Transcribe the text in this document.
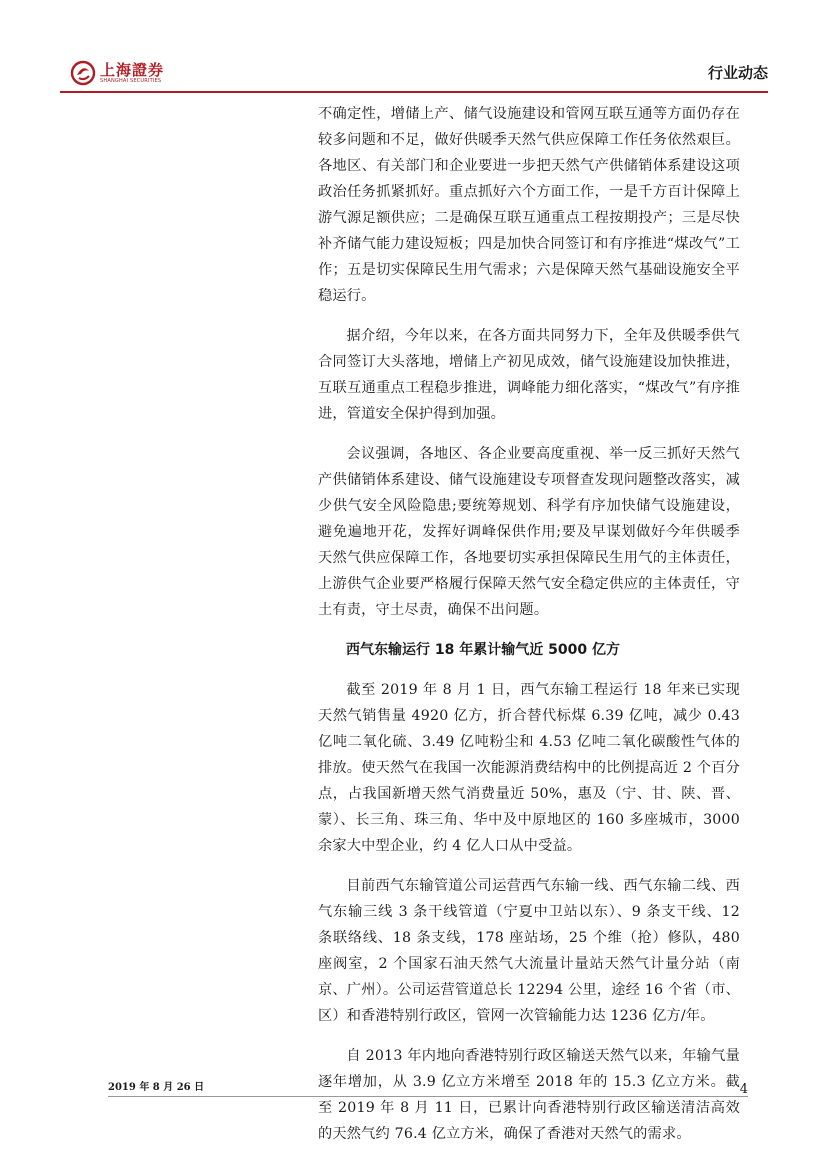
上海證券
SHANGHAI SECURITIES	行业动态

不确定性，增储上产、储气设施建设和管网互联互通等方面仍存在较多问题和不足，做好供暖季天然气供应保障工作任务依然艰巨。各地区、有关部门和企业要进一步把天然气产供储销体系建设这项政治任务抓紧抓好。重点抓好六个方面工作，一是千方百计保障上游气源足额供应；二是确保互联互通重点工程按期投产；三是尽快补齐储气能力建设短板；四是加快合同签订和有序推进“煤改气”工作；五是切实保障民生用气需求；六是保障天然气基础设施安全平稳运行。

据介绍，今年以来，在各方面共同努力下，全年及供暖季供气合同签订大头落地，增储上产初见成效，储气设施建设加快推进，互联互通重点工程稳步推进，调峰能力细化落实，“煤改气”有序推进，管道安全保护得到加强。

会议强调，各地区、各企业要高度重视、举一反三抓好天然气产供储销体系建设、储气设施建设专项督查发现问题整改落实，减少供气安全风险隐患;要统筹规划、科学有序加快储气设施建设，避免遍地开花，发挥好调峰保供作用;要及早谋划做好今年供暖季天然气供应保障工作，各地要切实承担保障民生用气的主体责任，上游供气企业要严格履行保障天然气安全稳定供应的主体责任，守土有责，守土尽责，确保不出问题。

西气东输运行 18 年累计输气近 5000 亿方

截至 2019 年 8 月 1 日，西气东输工程运行 18 年来已实现天然气销售量 4920 亿方，折合替代标煤 6.39 亿吨，减少 0.43 亿吨二氧化硫、3.49 亿吨粉尘和 4.53 亿吨二氧化碳酸性气体的排放。使天然气在我国一次能源消费结构中的比例提高近 2 个百分点，占我国新增天然气消费量近 50%，惠及（宁、甘、陕、晋、蒙）、长三角、珠三角、华中及中原地区的 160 多座城市，3000 余家大中型企业，约 4 亿人口从中受益。

目前西气东输管道公司运营西气东输一线、西气东输二线、西气东输三线 3 条干线管道（宁夏中卫站以东）、9 条支干线、12 条联络线、18 条支线，178 座站场，25 个维（抢）修队，480 座阀室，2 个国家石油天然气大流量计量站天然气计量分站（南京、广州）。公司运营管道总长 12294 公里，途经 16 个省（市、区）和香港特别行政区，管网一次管输能力达 1236 亿方/年。

自 2013 年内地向香港特别行政区输送天然气以来，年输气量逐年增加，从 3.9 亿立方米增至 2018 年的 15.3 亿立方米。截至 2019 年 8 月 11 日，已累计向香港特别行政区输送清洁高效的天然气约 76.4 亿立方米，确保了香港对天然气的需求。

2019 年 8 月 26 日	4
